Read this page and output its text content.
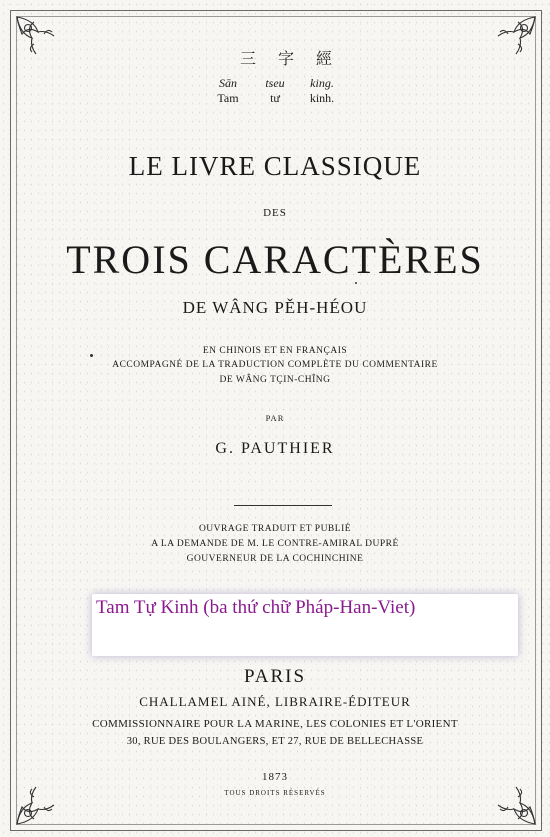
三字經
Sān tseu king.
Tam	tư kinh.
LE LIVRE CLASSIQUE
DES
TROIS CARACTÈRES
DE WÂNG PĚH-HÉOU
EN CHINOIS ET EN FRANÇAIS
ACCOMPAGNÉ DE LA TRADUCTION COMPLÈTE DU COMMENTAIRE
DE WÂNG TÇIN-CHÎNG
PAR
G. PAUTHIER
OUVRAGE TRADUIT ET PUBLIÉ
A LA DEMANDE DE M. LE CONTRE-AMIRAL DUPRÉ
GOUVERNEUR DE LA COCHINCHINE
Tam Tự Kinh (ba thứ chữ Pháp-Han-Viet)
PARIS
CHALLAMEL AINÉ, LIBRAIRE-ÉDITEUR
COMMISSIONNAIRE POUR LA MARINE, LES COLONIES ET L'ORIENT
30, RUE DES BOULANGERS, ET 27, RUE DE BELLECHASSE
1873
TOUS DROITS RÉSERVÉS
